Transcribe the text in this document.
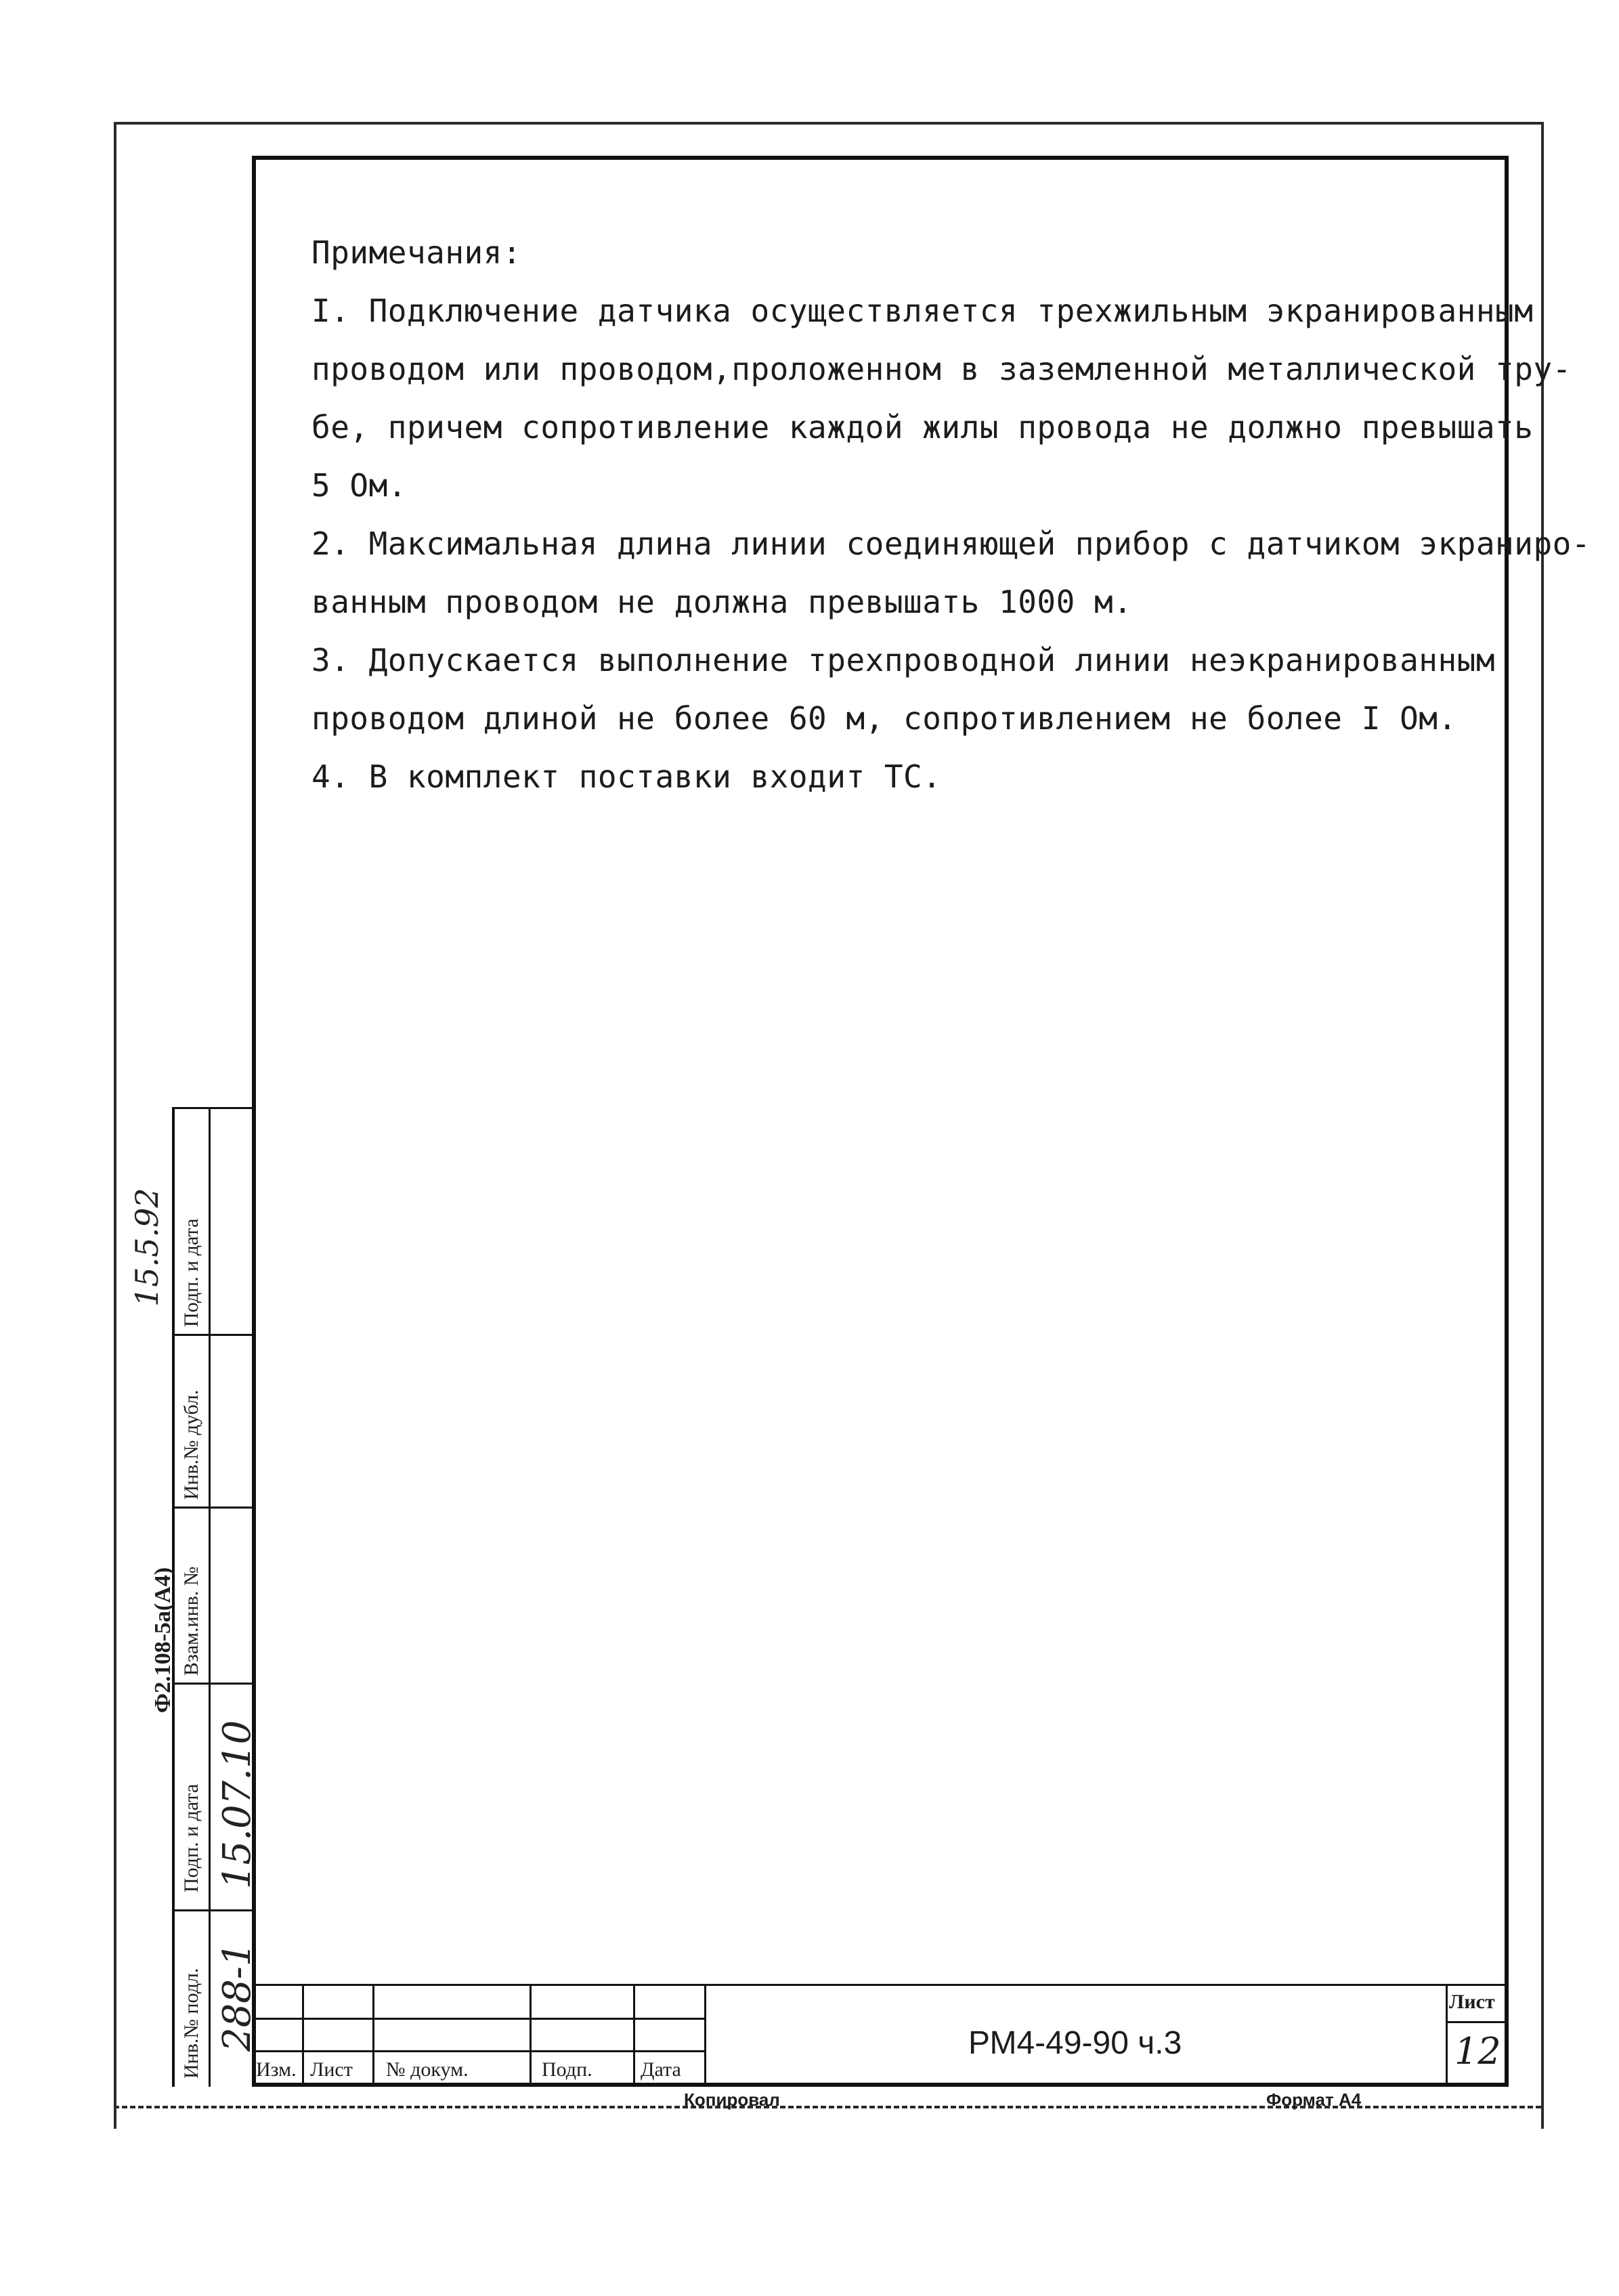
Примечания:
I. Подключение датчика осуществляется трехжильным экранированным
проводом или проводом,проложенном в заземленной металлической тру-
бе, причем сопротивление каждой жилы провода не должно превышать
5 Ом.
2. Максимальная длина линии соединяющей прибор с датчиком экраниро-
ванным проводом не должна превышать 1000 м.
3. Допускается выполнение трехпроводной линии неэкранированным
проводом длиной не более 60 м, сопротивлением не более I Ом.
4. В комплект поставки входит ТС.
Ф2.108-5а(А4)
Инв.№ подл.
Подп. и дата
Взам.инв. №
Инв.№ дубл.
Подп. и дата
288-1
15.07.10
15.5.92
Изм. Лист № докум.	Подп. Дата
РМ4-49-90 ч.3
Лист
12
Копировал	Формат А4
